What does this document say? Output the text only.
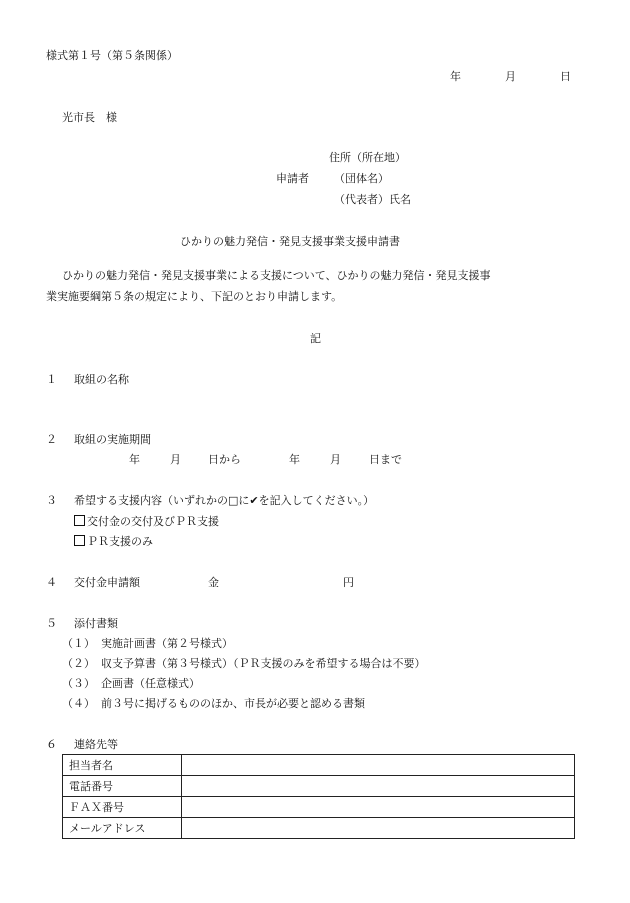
様式第１号（第５条関係）
年	月	日
光市長　様
住所（所在地）
申請者 （団体名）
（代表者）氏名
ひかりの魅力発信・発見支援事業支援申請書
ひかりの魅力発信・発見支援事業による支援について、ひかりの魅力発信・発見支援事
業実施要綱第５条の規定により、下記のとおり申請します。
記
１ 取組の名称
２ 取組の実施期間
年	月 日から	年	月	日まで
３ 希望する支援内容（いずれかの□に✔を記入してください。）
交付金の交付及びＰＲ支援
ＰＲ支援のみ
４ 交付金申請額	金	円
５ 添付書類
（１） 実施計画書（第２号様式）
（２） 収支予算書（第３号様式）（ＰＲ支援のみを希望する場合は不要）
（３） 企画書（任意様式）
（４） 前３号に掲げるもののほか、市長が必要と認める書類
６ 連絡先等
担当者名	
電話番号	
ＦＡＸ番号	
メールアドレス	
